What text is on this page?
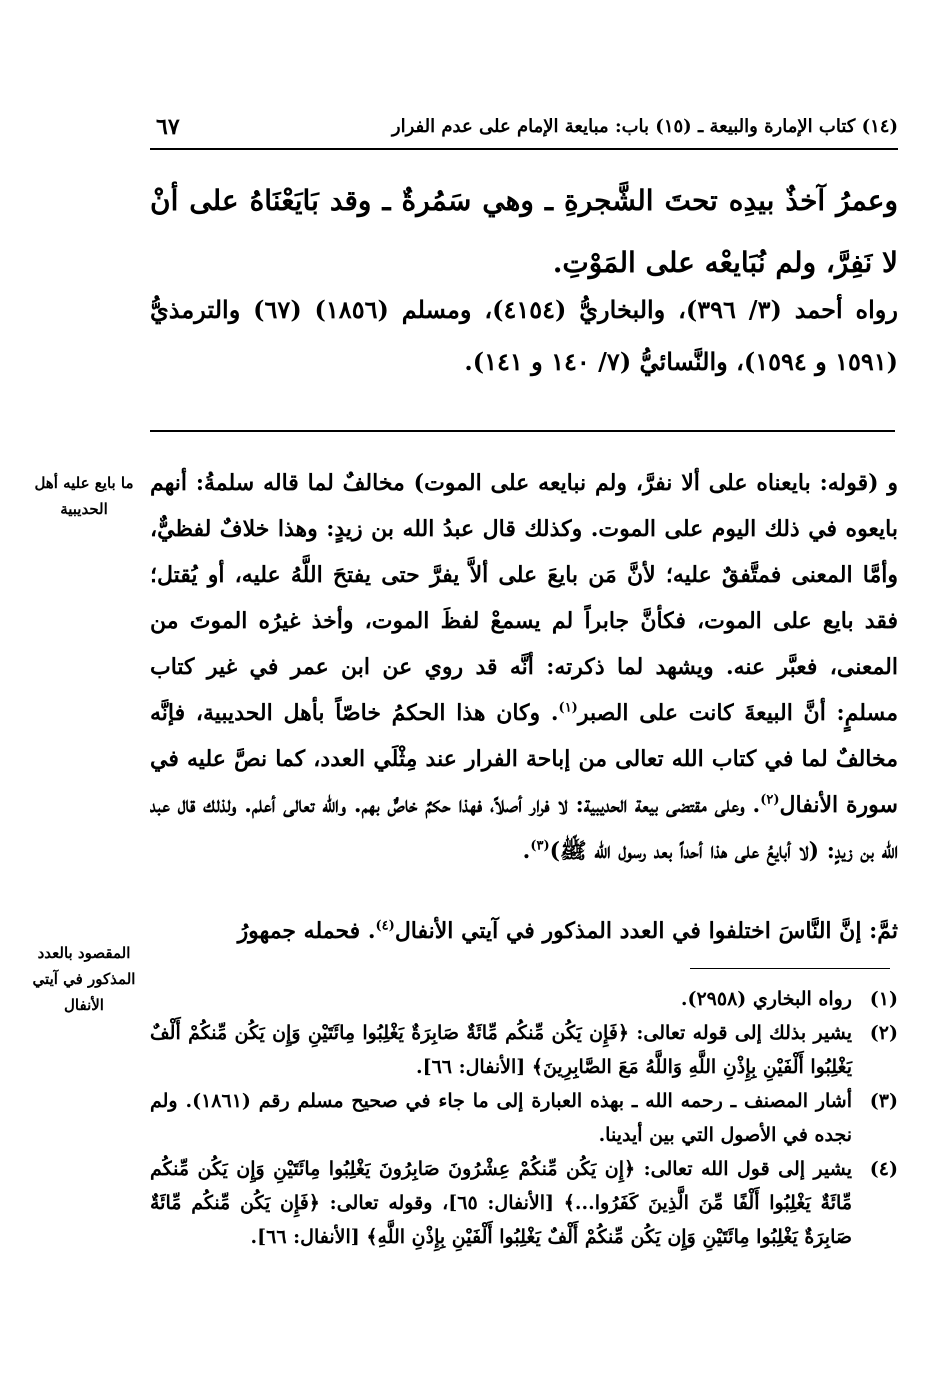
(١٤) كتاب الإمارة والبيعة ـ (١٥) باب: مبايعة الإمام على عدم الفرار
٦٧
وعمرُ آخذٌ بيدِه تحتَ الشَّجرةِ ـ وهي سَمُرةٌ ـ وقد بَايَعْنَاهُ على أنْ لا نَفِرَّ، ولم نُبَايعْه على المَوْتِ.
رواه أحمد (٣/ ٣٩٦)، والبخاريُّ (٤١٥٤)، ومسلم (١٨٥٦) (٦٧) والترمذيُّ (١٥٩١ و ١٥٩٤)، والنَّسائيُّ (٧/ ١٤٠ و ١٤١).
ما بايع عليه أهل الحديبية

و (قوله: بايعناه على ألا نفرَّ، ولم نبايعه على الموت) مخالفٌ لما قاله سلمةُ: أنهم بايعوه في ذلك اليوم على الموت. وكذلك قال عبدُ الله بن زيدٍ: وهذا خلافٌ لفظيٌّ، وأمَّا المعنى فمتَّفقٌ عليه؛ لأنَّ مَن بايعَ على ألاَّ يفرَّ حتى يفتحَ اللَّهُ عليه، أو يُقتل؛ فقد بايع على الموت، فكأنَّ جابراً لم يسمعْ لفظَ الموت، وأخذ غيرُه الموتَ من المعنى، فعبَّر عنه. ويشهد لما ذكرته: أنَّه قد روي عن ابن عمر في غير كتاب مسلمٍ: أنَّ البيعةَ كانت على الصبر$^{(١)}$. وكان هذا الحكمُ خاصّاً بأهل الحديبية، فإنَّه مخالفٌ لما في كتاب الله تعالى من إباحة الفرار عند مِثْلَي العدد، كما نصَّ عليه في سورة الأنفال$^{(٢)}$. وعلى مقتضى بيعة الحديبية: لا فرار أصلاً، فهذا حكمٌ خاصٌّ بهم. والله تعالى أعلم. ولذلك قال عبد الله بن زيدٍ: (لا أبايعُ على هذا أحداً بعد رسول الله ﷺ)$^{(٣)}$.

ثمَّ: إنَّ النَّاسَ اختلفوا في العدد المذكور في آيتي الأنفال$^{(٤)}$. فحمله جمهورُ
المقصود بالعدد المذكور في آيتي الأنفال	(١)
رواه البخاري (٢٩٥٨).
(٢)
يشير بذلك إلى قوله تعالى: ﴿فَإِن يَكُن مِّنكُم مِّائَةٌ صَابِرَةٌ يَغْلِبُوا مِائَتَيْنِ وَإِن يَكُن مِّنكُمْ أَلْفٌ يَغْلِبُوا أَلْفَيْنِ بِإِذْنِ اللَّهِ وَاللَّهُ مَعَ الصَّابِرِينَ﴾ [الأنفال: ٦٦].
(٣)
أشار المصنف ـ رحمه الله ـ بهذه العبارة إلى ما جاء في صحيح مسلم رقم (١٨٦١). ولم نجده في الأصول التي بين أيدينا.
(٤)
يشير إلى قول الله تعالى: ﴿إِن يَكُن مِّنكُمْ عِشْرُونَ صَابِرُونَ يَغْلِبُوا مِائَتَيْنِ وَإِن يَكُن مِّنكُم مِّائَةٌ يَغْلِبُوا أَلْفًا مِّنَ الَّذِينَ كَفَرُوا...﴾ [الأنفال: ٦٥]، وقوله تعالى: ﴿فَإِن يَكُن مِّنكُم مِّائَةٌ صَابِرَةٌ يَغْلِبُوا مِائَتَيْنِ وَإِن يَكُن مِّنكُمْ أَلْفٌ يَغْلِبُوا أَلْفَيْنِ بِإِذْنِ اللَّهِ﴾ [الأنفال: ٦٦].
